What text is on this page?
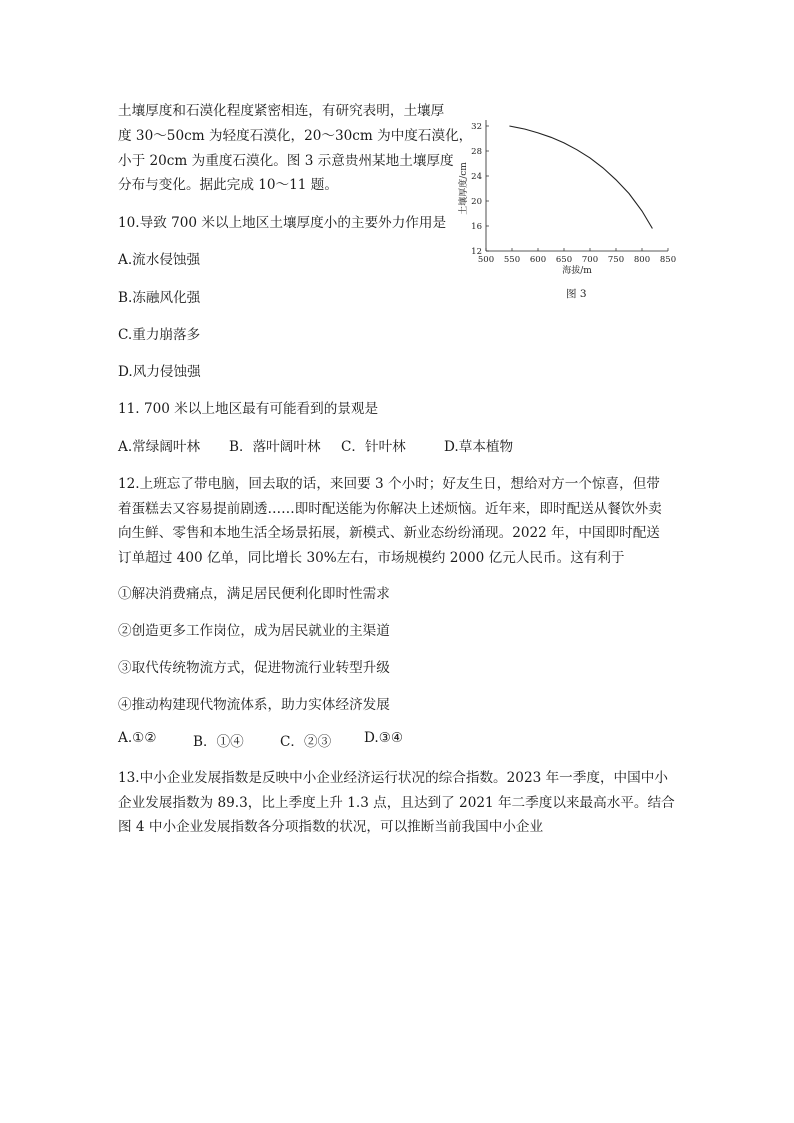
土壤厚度和石漠化程度紧密相连，有研究表明，土壤厚
度 30～50cm 为轻度石漠化，20～30cm 为中度石漠化，
小于 20cm 为重度石漠化。图 3 示意贵州某地土壤厚度
分布与变化。据此完成 10～11 题。
10.导致 700 米以上地区土壤厚度小的主要外力作用是
A.流水侵蚀强
B.冻融风化强
C.重力崩落多
D.风力侵蚀强
500 550 600 650 700 750 800 850
12
16
20
24
28
32
海拔/m
土壤厚度/cm
图 3
11. 700 米以上地区最有可能看到的景观是
A.常绿阔叶林 B．落叶阔叶林 C．针叶林	D.草本植物
12.上班忘了带电脑，回去取的话，来回要 3 个小时；好友生日，想给对方一个惊喜，但带
着蛋糕去又容易提前剧透……即时配送能为你解决上述烦恼。近年来，即时配送从餐饮外卖
向生鲜、零售和本地生活全场景拓展，新模式、新业态纷纷涌现。2022 年，中国即时配送
订单超过 400 亿单，同比增长 30%左右，市场规模约 2000 亿元人民币。这有利于
①解决消费痛点，满足居民便利化即时性需求
②创造更多工作岗位，成为居民就业的主渠道
③取代传统物流方式，促进物流行业转型升级
④推动构建现代物流体系，助力实体经济发展
A.①②	B．①④	C．②③ D.③④
13.中小企业发展指数是反映中小企业经济运行状况的综合指数。2023 年一季度，中国中小
企业发展指数为 89.3，比上季度上升 1.3 点，且达到了 2021 年二季度以来最高水平。结合
图 4 中小企业发展指数各分项指数的状况，可以推断当前我国中小企业
